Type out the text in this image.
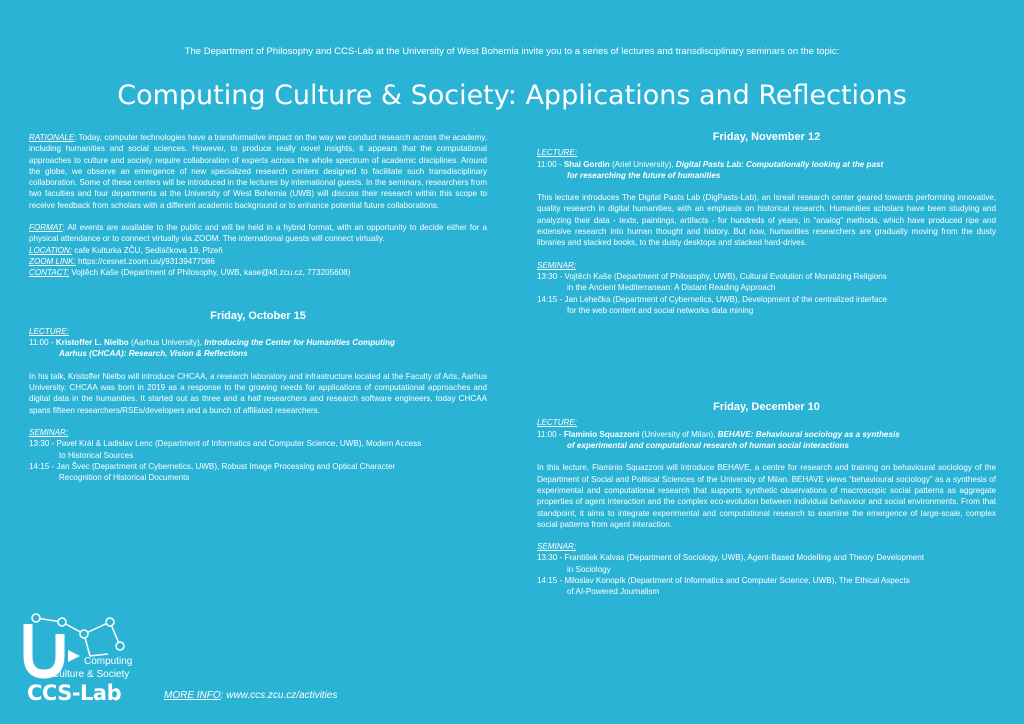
The Department of Philosophy and CCS-Lab at the University of West Bohemia invite you to a series of lectures and transdisciplinary seminars on the topic:
Computing Culture & Society: Applications and Reflections

RATIONALE: Today, computer technologies have a transformative impact on the way we conduct research across the academy, including humanities and social sciences. However, to produce really novel insights, it appears that the computational approaches to culture and society require collaboration of experts across the whole spectrum of academic disciplines. Around the globe, we observe an emergence of new specialized research centers designed to facilitate such transdisciplinary collaboration. Some of these centers will be introduced in the lectures by international guests. In the seminars, researchers from two faculties and four departments at the University of West Bohemia (UWB) will discuss their research within this scope to receive feedback from scholars with a different academic background or to enhance potential future collaborations.

FORMAT: All events are available to the public and will be held in a hybrid format, with an opportunity to decide either for a physical attendance or to connect virtually via ZOOM. The international guests will connect virtually.

LOCATION: cafe Kulturka ZČU, Sedláčkova 19, Plzeň

ZOOM LINK: https://cesnet.zoom.us/j/93139477086

CONTACT: Vojtěch Kaše (Department of Philosophy, UWB, kase@kfi.zcu.cz, 773205608)

Friday, October 15

LECTURE:

11:00 - Kristoffer L. Nielbo (Aarhus University), Introducing the Center for Humanities Computing

Aarhus (CHCAA): Research, Vision & Reflections

In his talk, Kristoffer Nielbo will introduce CHCAA, a research laboratory and infrastructure located at the Faculty of Arts, Aarhus University. CHCAA was born in 2019 as a response to the growing needs for applications of computational approaches and digital data in the humanities. It started out as three and a half researchers and research software engineers, today CHCAA spans fifteen researchers/RSEs/developers and a bunch of affiliated researchers.

SEMINAR:

13:30 - Pavel Král & Ladislav Lenc (Department of Informatics and Computer Science, UWB), Modern Access

to Historical Sources

14:15 - Jan Švec (Department of Cybernetics, UWB), Robust Image Processing and Optical Character

Recognition of Historical Documents

Friday, November 12

LECTURE:

11:00 - Shai Gordin (Ariel University), Digital Pasts Lab: Computationally looking at the past

for researching the future of humanities

This lecture introduces The Digital Pasts Lab (DigPasts-Lab), an Isreali research center geared towards performing innovative, quality research in digital humanities, with an emphasis on historical research. Humanities scholars have been studying and analyzing their data - texts, paintings, artifacts - for hundreds of years, in “analog” methods, which have produced ripe and extensive research into human thought and history. But now, humanities researchers are gradually moving from the dusty libraries and stacked books, to the dusty desktops and stacked hard-drives.

SEMINAR:

13:30 - Vojtěch Kaše (Department of Philosophy, UWB), Cultural Evolution of Moralizing Religions

in the Ancient Mediterranean: A Distant Reading Approach

14:15 - Jan Lehečka (Department of Cybernetics, UWB), Development of the centralized interface

for the web content and social networks data mining

Friday, December 10

LECTURE:

11:00 - Flaminio Squazzoni (University of Milan), BEHAVE: Behavioural sociology as a synthesis

of experimental and computational research of human social interactions

In this lecture, Flaminio Squazzoni will introduce BEHAVE, a centre for research and training on behavioural sociology of the Department of Social and Political Sciences of the University of Milan. BEHAVE views “behavioural sociology” as a synthesis of experimental and computational research that supports synthetic observations of macroscopic social patterns as aggregate properties of agent interaction and the complex eco-evolution between individual behaviour and social environments. From that standpoint, it aims to integrate experimental and computational research to examine the emergence of large-scale, complex social patterns from agent interaction.

SEMINAR:

13:30 - František Kalvas (Department of Sociology, UWB), Agent-Based Modelling and Theory Development

in Sociology

14:15 - Miloslav Konopík (Department of Informatics and Computer Science, UWB), The Ethical Aspects

of AI-Powered Journalism

Computing
Culture & Society
CCS-Lab	MORE INFO: www.ccs.zcu.cz/activities
